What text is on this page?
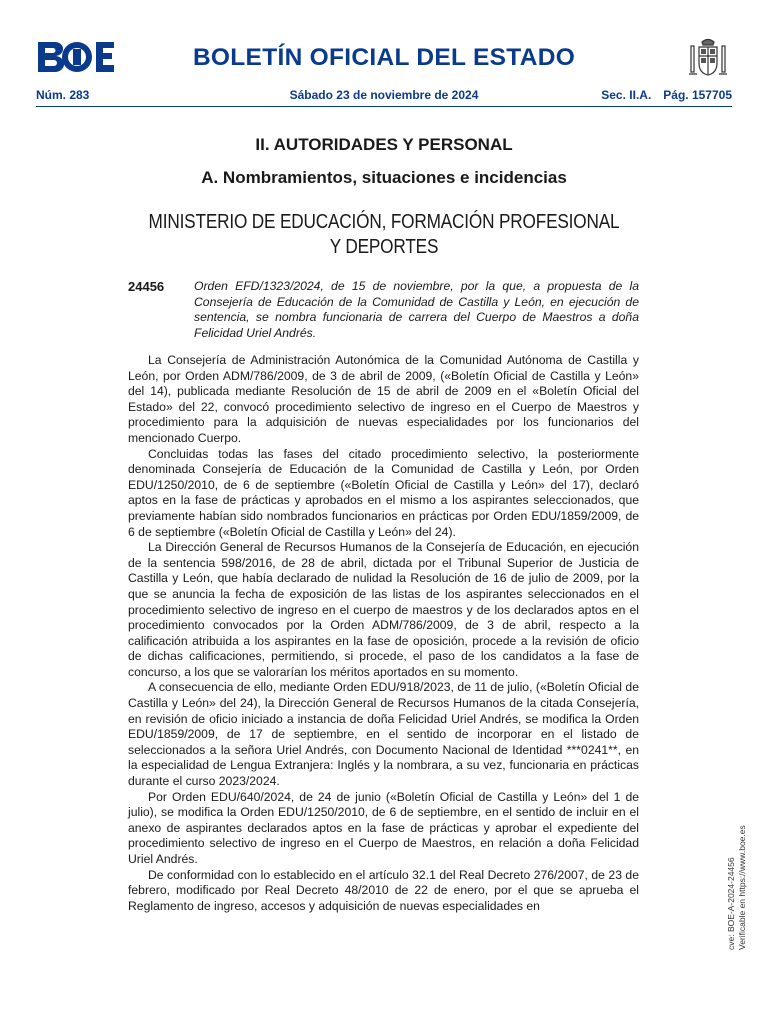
BOLETÍN OFICIAL DEL ESTADO
Núm. 283	Sábado 23 de noviembre de 2024	Sec. II.A. Pág. 157705
II. AUTORIDADES Y PERSONAL
A. Nombramientos, situaciones e incidencias
MINISTERIO DE EDUCACIÓN, FORMACIÓN PROFESIONAL
Y DEPORTES
24456 Orden EFD/1323/2024, de 15 de noviembre, por la que, a propuesta de la Consejería de Educación de la Comunidad de Castilla y León, en ejecución de sentencia, se nombra funcionaria de carrera del Cuerpo de Maestros a doña Felicidad Uriel Andrés.

La Consejería de Administración Autonómica de la Comunidad Autónoma de Castilla y León, por Orden ADM/786/2009, de 3 de abril de 2009, («Boletín Oficial de Castilla y León» del 14), publicada mediante Resolución de 15 de abril de 2009 en el «Boletín Oficial del Estado» del 22, convocó procedimiento selectivo de ingreso en el Cuerpo de Maestros y procedimiento para la adquisición de nuevas especialidades por los funcionarios del mencionado Cuerpo.

Concluidas todas las fases del citado procedimiento selectivo, la posteriormente denominada Consejería de Educación de la Comunidad de Castilla y León, por Orden EDU/1250/2010, de 6 de septiembre («Boletín Oficial de Castilla y León» del 17), declaró aptos en la fase de prácticas y aprobados en el mismo a los aspirantes seleccionados, que previamente habían sido nombrados funcionarios en prácticas por Orden EDU/1859/2009, de 6 de septiembre («Boletín Oficial de Castilla y León» del 24).

La Dirección General de Recursos Humanos de la Consejería de Educación, en ejecución de la sentencia 598/2016, de 28 de abril, dictada por el Tribunal Superior de Justicia de Castilla y León, que había declarado de nulidad la Resolución de 16 de julio de 2009, por la que se anuncia la fecha de exposición de las listas de los aspirantes seleccionados en el procedimiento selectivo de ingreso en el cuerpo de maestros y de los declarados aptos en el procedimiento convocados por la Orden ADM/786/2009, de 3 de abril, respecto a la calificación atribuida a los aspirantes en la fase de oposición, procede a la revisión de oficio de dichas calificaciones, permitiendo, si procede, el paso de los candidatos a la fase de concurso, a los que se valorarían los méritos aportados en su momento.

A consecuencia de ello, mediante Orden EDU/918/2023, de 11 de julio, («Boletín Oficial de Castilla y León» del 24), la Dirección General de Recursos Humanos de la citada Consejería, en revisión de oficio iniciado a instancia de doña Felicidad Uriel Andrés, se modifica la Orden EDU/1859/2009, de 17 de septiembre, en el sentido de incorporar en el listado de seleccionados a la señora Uriel Andrés, con Documento Nacional de Identidad ***0241**, en la especialidad de Lengua Extranjera: Inglés y la nombrara, a su vez, funcionaria en prácticas durante el curso 2023/2024.

Por Orden EDU/640/2024, de 24 de junio («Boletín Oficial de Castilla y León» del 1 de julio), se modifica la Orden EDU/1250/2010, de 6 de septiembre, en el sentido de incluir en el anexo de aspirantes declarados aptos en la fase de prácticas y aprobar el expediente del procedimiento selectivo de ingreso en el Cuerpo de Maestros, en relación a doña Felicidad Uriel Andrés.

De conformidad con lo establecido en el artículo 32.1 del Real Decreto 276/2007, de 23 de febrero, modificado por Real Decreto 48/2010 de 22 de enero, por el que se aprueba el Reglamento de ingreso, accesos y adquisición de nuevas especialidades en	cve: BOE-A-2024-24456 Verificable en https://www.boe.es
